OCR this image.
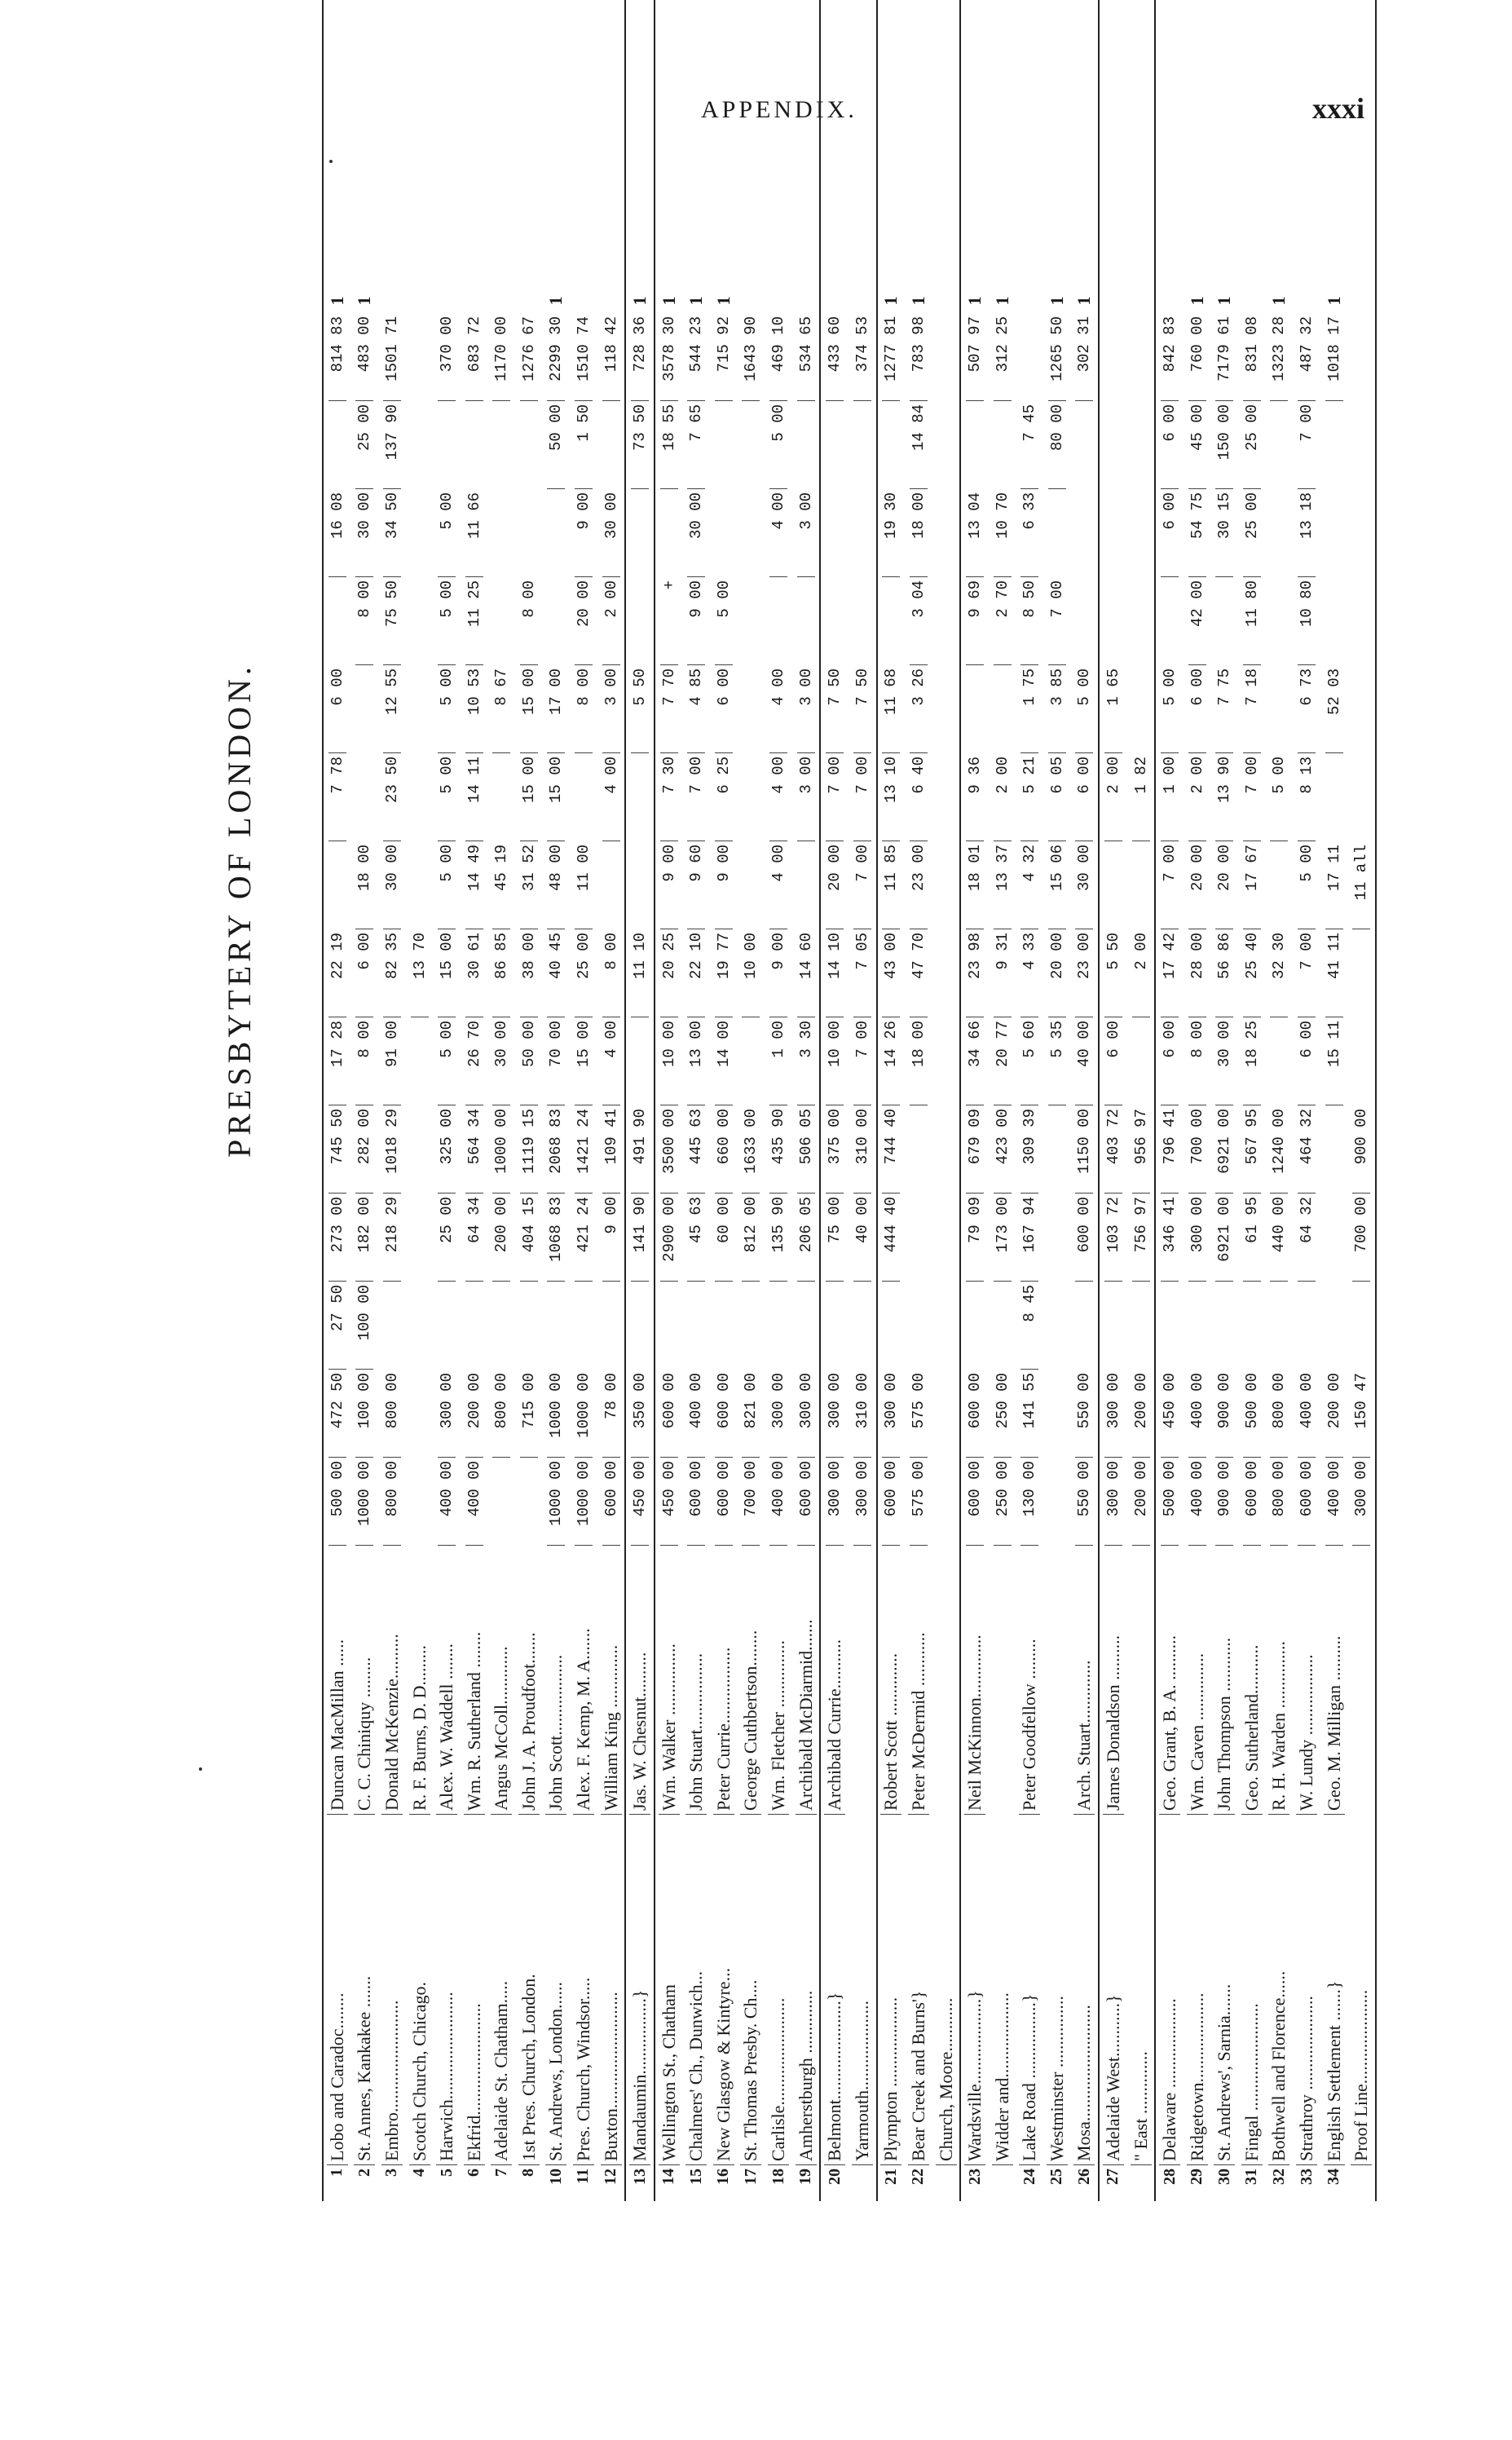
APPENDIX.	xxxi
PRESBYTERY OF LONDON.
1
Lobo and Caradoc........
Duncan MacMillan ......
500 00
472 50
27 50
273 00
745 50
17 28
22 19
7 78
6 00
16 08
814 83
1
2
St. Annes, Kankakee .......
C. C. Chiniquy .........
1000 00
100 00
100 00
182 00
282 00
8 00
6 00
18 00
8 00
30 00
25 00
483 00
1
3
Embro.........................
Donald McKenzie..........
800 00
800 00
218 29
1018 29
91 00
82 35
30 00
23 50
12 55
75 50
34 50
137 90
1501 71
4
Scotch Church, Chicago.
R. F. Burns, D. D.........
13 70
5
Harwich........................
Alex. W. Waddell ........
400 00
300 00
25 00
325 00
5 00
15 00
5 00
5 00
5 00
5 00
5 00
370 00
6
Ekfrid.........................
Wm. R. Sutherland ........
400 00
200 00
64 34
564 34
26 70
30 61
14 49
14 11
10 53
11 25
11 66
683 72
7
Adelaide St. Chatham.....
Angus McColl.............
800 00
200 00
1000 00
30 00
86 85
45 19
8 67
1170 00
8
1st Pres. Church, London.
John J. A. Proudfoot.......
715 00
404 15
1119 15
50 00
38 00
31 52
15 00
15 00
8 00
1276 67
10
St. Andrews, London......
John Scott..................
1000 00
1000 00
1068 83
2068 83
70 00
40 45
48 00
15 00
17 00
50 00
2299 30
1
11
Pres. Church, Windsor.....
Alex. F. Kemp, M. A.......
1000 00
1000 00
421 24
1421 24
15 00
25 00
11 00
8 00
20 00
9 00
1 50
1510 74
12
Buxton..........................
William King ..............
600 00
78 00
9 00
109 41
4 00
8 00
4 00
3 00
2 00
30 00
118 42
13
Mandaumin.................}
Jas. W. Chesnut..........
450 00
350 00
141 90
491 90
11 10
5 50
73 50
728 36
1
14
Wellington St., Chatham
Wm. Walker ................
450 00
600 00
2900 00
3500 00
10 00
20 25
9 00
7 30
7 70
+
18 55
3578 30
1
15
Chalmers' Ch., Dunwich...
John Stuart.................
600 00
400 00
45 63
445 63
13 00
22 10
9 60
7 00
4 85
9 00
30 00
7 65
544 23
1
16
New Glasgow & Kintyre...
Peter Currie.................
600 00
600 00
60 00
660 00
14 00
19 77
9 00
6 25
6 00
5 00
715 92
1
17
St. Thomas Presby. Ch....
George Cuthbertson........
700 00
821 00
812 00
1633 00
10 00
1643 90
18
Carlisle........................
Wm. Fletcher ...............
400 00
300 00
135 90
435 90
1 00
9 00
4 00
4 00
4 00
4 00
5 00
469 10
19
Amherstburgh ..............
Archibald McDiarmid.......
600 00
300 00
206 05
506 05
3 30
14 60
3 00
3 00
3 00
534 65
20
Belmont......................}
Archibald Currie...........
300 00
300 00
75 00
375 00
10 00
14 10
20 00
7 00
7 50
433 60
Yarmouth....................
300 00
310 00
40 00
310 00
7 00
7 05
7 00
7 00
7 50
374 53
21
Plympton ....................
Robert Scott ..............
600 00
300 00
444 40
744 40
14 26
43 00
11 85
13 10
11 68
19 30
1277 81
1
22
Bear Creek and Burns'}
Peter McDermid ............
575 00
575 00
18 00
47 70
23 00
6 40
3 26
3 04
18 00
14 84
783 98
1
Church, Moore............
23
Wardsville...................}
Neil McKinnon..............
600 00
600 00
79 09
679 09
34 66
23 98
18 01
9 36
9 69
13 04
507 97
1
Widder and...................
250 00
250 00
173 00
423 00
20 77
9 31
13 37
2 00
2 70
10 70
312 25
1
24
Lake Road .................}
Peter Goodfellow .........
130 00
141 55
8 45
167 94
309 39
5 60
4 33
4 32
5 21
1 75
8 50
6 33
7 45
25
Westminster ................
5 35
20 00
15 06
6 05
3 85
7 00
80 00
1265 50
1
26
Mosa..........................
Arch. Stuart..............
550 00
550 00
600 00
1150 00
40 00
23 00
30 00
6 00
5 00
302 31
1
27
Adelaide West............}
James Donaldson ..........
300 00
300 00
103 72
403 72
6 00
5 50
2 00
1 65
" East ..............
200 00
200 00
756 97
956 97
2 00
1 82
28
Delaware ....................
Geo. Grant, B. A. ..........
500 00
450 00
346 41
796 41
6 00
17 42
7 00
1 00
5 00
6 00
6 00
842 83
29
Ridgetown....................
Wm. Caven ...............
400 00
400 00
300 00
700 00
8 00
28 00
20 00
2 00
6 00
42 00
54 75
45 00
760 00
1
30
St. Andrews', Sarnia.......
John Thompson ............
900 00
900 00
6921 00
6921 00
30 00
56 86
20 00
13 90
7 75
30 15
150 00
7179 61
1
31
Fingal ........................
Geo. Sutherland...........
600 00
500 00
61 95
567 95
18 25
25 40
17 67
7 00
7 18
11 80
25 00
25 00
831 08
32
Bothwell and Florence......
R. H. Warden ...............
800 00
800 00
440 00
1240 00
32 30
5 00
1323 28
1
33
Strathroy .....................
W. Lundy ..................
600 00
400 00
64 32
464 32
6 00
7 00
5 00
8 13
6 73
10 80
13 18
7 00
487 32
34
English Settlement .......}
Geo. M. Milligan ..........
400 00
200 00
15 11
41 11
17 11
52 03
1018 17
1
Proof Line.....................
300 00
150 47
700 00
900 00
11 all
